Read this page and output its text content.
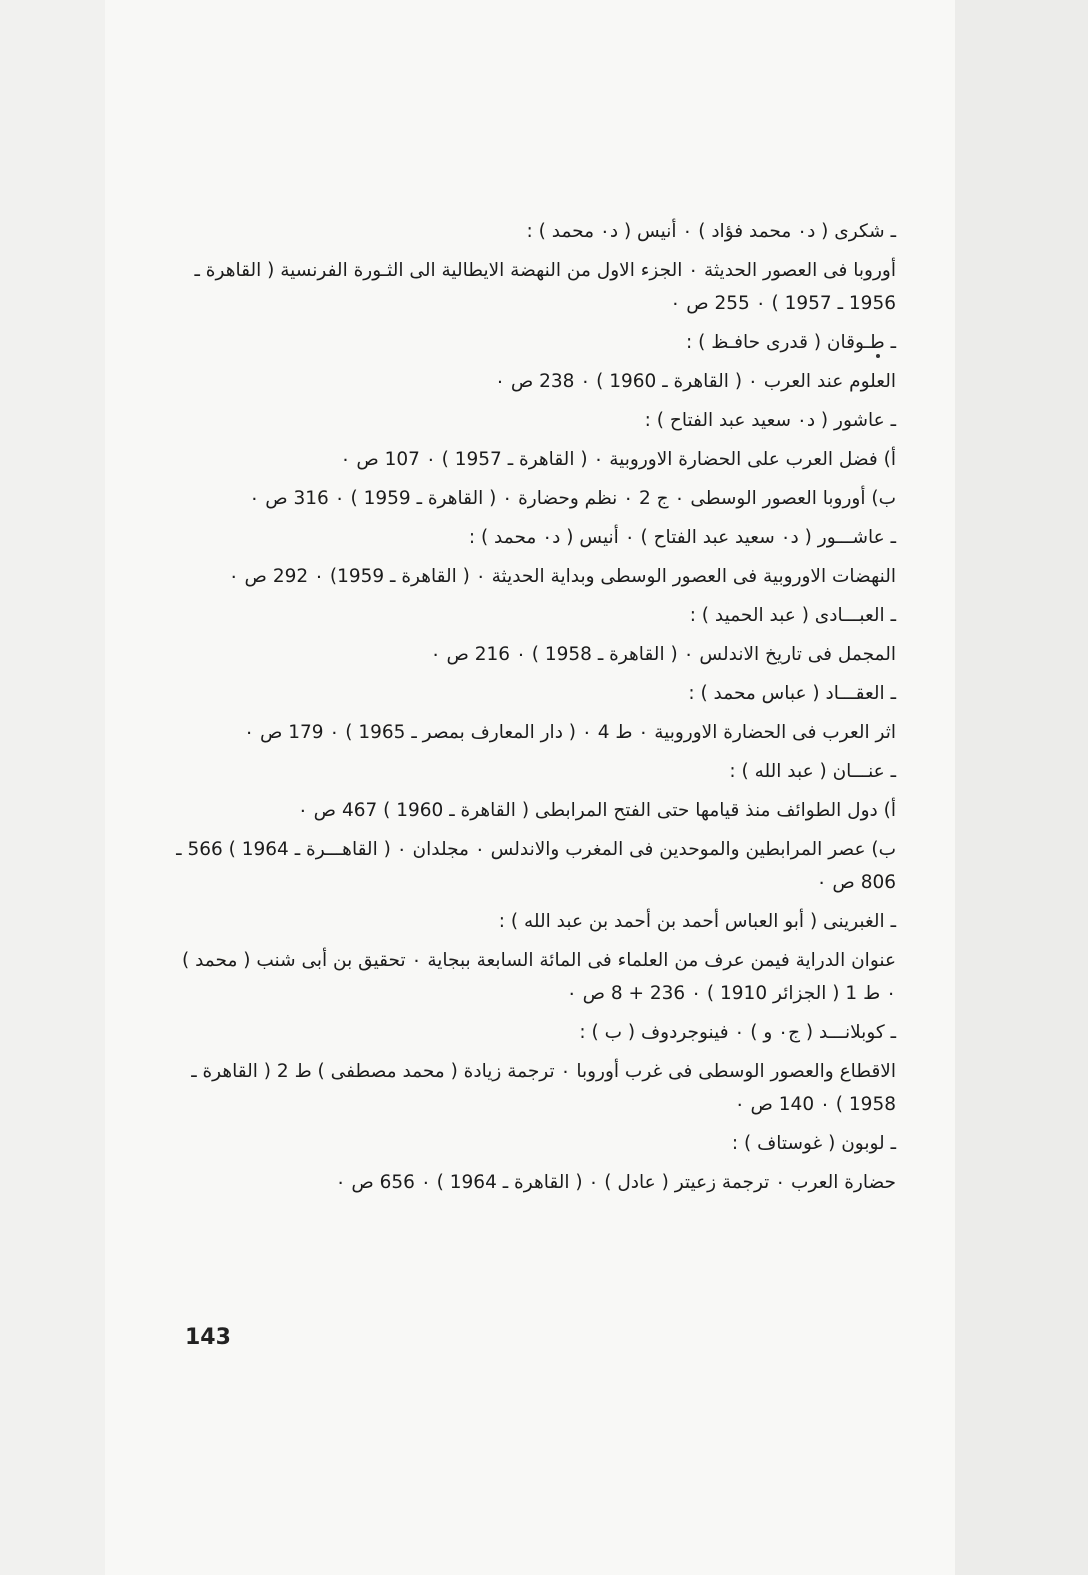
ـ شكرى ( د٠ محمد فؤاد ) ٠ أنيس ( د٠ محمد ) :
أوروبا فى العصور الحديثة ٠ الجزء الاول من النهضة الايطالية الى الثـورة الفرنسية ( القاهرة ـ 1956 ـ 1957 ) ٠ 255 ص ٠
ـ طـوقان ( قدرى حافـظ ) :
العلوم عند العرب ٠ ( القاهرة ـ 1960 ) ٠ 238 ص ٠
ـ عاشور ( د٠ سعيد عبد الفتاح ) :
أ) فضل العرب على الحضارة الاوروبية ٠ ( القاهرة ـ 1957 ) ٠ 107 ص ٠
ب) أوروبا العصور الوسطى ٠ ج 2 ٠ نظم وحضارة ٠ ( القاهرة ـ 1959 ) ٠ 316 ص ٠
ـ عاشـــور ( د٠ سعيد عبد الفتاح ) ٠ أنيس ( د٠ محمد ) :
النهضات الاوروبية فى العصور الوسطى وبداية الحديثة ٠ ( القاهرة ـ 1959) ٠ 292 ص ٠
ـ العبـــادى ( عبد الحميد ) :
المجمل فى تاريخ الاندلس ٠ ( القاهرة ـ 1958 ) ٠ 216 ص ٠
ـ العقـــاد ( عباس محمد ) :
اثر العرب فى الحضارة الاوروبية ٠ ط 4 ٠ ( دار المعارف بمصر ـ 1965 ) ٠ 179 ص ٠
ـ عنـــان ( عبد الله ) :
أ) دول الطوائف منذ قيامها حتى الفتح المرابطى ( القاهرة ـ 1960 ) 467 ص ٠
ب) عصر المرابطين والموحدين فى المغرب والاندلس ٠ مجلدان ٠ ( القاهـــرة ـ 1964 ) 566 ـ 806 ص ٠
ـ الغبرينى ( أبو العباس أحمد بن أحمد بن عبد الله ) :
عنوان الدراية فيمن عرف من العلماء فى المائة السابعة ببجاية ٠ تحقيق بن أبى شنب ( محمد ) ٠ ط 1 ( الجزائر 1910 ) ٠ 236 + 8 ص ٠
ـ كوبلانـــد ( ج٠ و ) ٠ فينوجردوف ( ب ) :
الاقطاع والعصور الوسطى فى غرب أوروبا ٠ ترجمة زيادة ( محمد مصطفى ) ط 2 ( القاهرة ـ 1958 ) ٠ 140 ص ٠
ـ لوبون ( غوستاف ) :
حضارة العرب ٠ ترجمة زعيتر ( عادل ) ٠ ( القاهرة ـ 1964 ) ٠ 656 ص ٠
143
